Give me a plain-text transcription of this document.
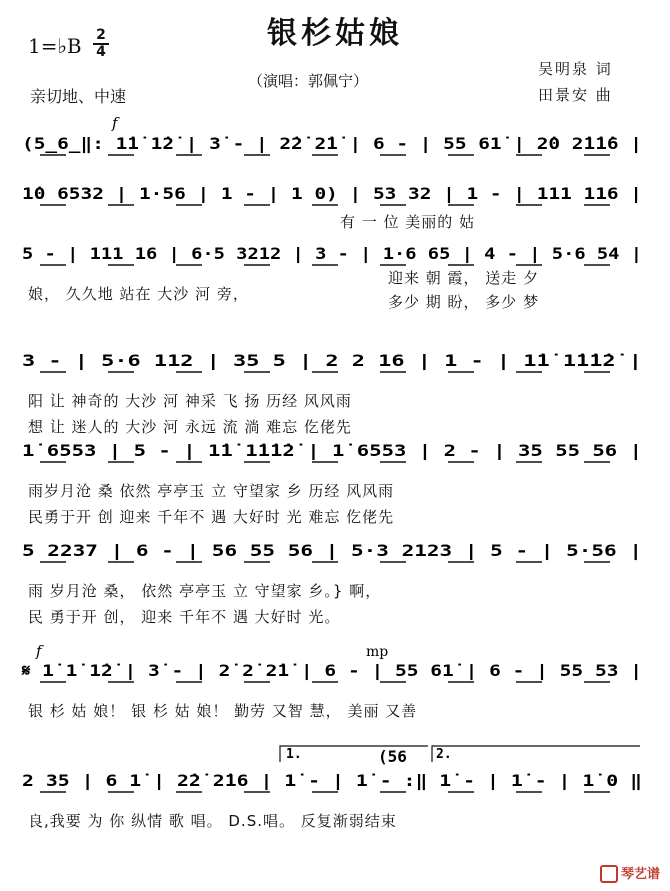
银杉姑娘
1=♭B 2
4
亲切地、中速
（演唱：郭佩宁）
吴明泉 词
田景安 曲
(5̲6̲‖: 1̇1̇ 1̇2̇ | 3̇ - | 2̇2̇ 2̇1̇ | 6 - | 55 61̇ | 2̇0 2̇1̇1̇6 |
1̇0 6532 | 1·56 | 1 - | 1 0) | 53 32 | 1 - | 111 116 |
5 - | 111 16 | 6·5 3212 | 3 - | 1·6 65 | 4 - | 5·6 54 |
3 - | 5·6 112 | 35 5 | 2 2 16 | 1 - | 1̇1̇ 1̇1̇1̇2̇ |
1̇ 6553 | 5 - | 1̇1̇ 1̇1̇1̇2̇ | 1̇ 6553 | 2 - | 35 55 56 |
5 2237 | 6 - | 56 55 56 | 5·3 2123 | 5 - | 5·56 |
𝄋 1̇ 1̇ 1̇2̇ | 3̇ - | 2̇ 2̇ 2̇1̇ | 6 - | 55 61̇ | 6 - | 55 53 |
2 35 | 6 1̇ | 2̇2̇ 2̇16 | 1̇ - | 1̇ - :‖ 1̇ - | 1̇ - | 1̇ 0 ‖
f
f	mp
1.	2.
(56
有 一 位 美丽的 姑
娘， 久久地 站在 大沙 河 旁，
迎来 朝 霞， 送走 夕
多少 期 盼， 多少 梦
阳 让 神奇的 大沙 河 神采 飞 扬 历经 风风雨
想 让 迷人的 大沙 河 永远 流 淌 难忘 仡佬先
雨岁月沧 桑 依然 亭亭玉 立 守望家 乡 历经 风风雨
民勇于开 创 迎来 千年不 遇 大好时 光 难忘 仡佬先
雨 岁月沧 桑， 依然 亭亭玉 立 守望家 乡。} 啊，
民 勇于开 创， 迎来 千年不 遇 大好时 光。
银 杉 姑 娘！ 银 杉 姑 娘！ 勤劳 又智 慧， 美丽 又善
良,我要 为 你 纵情 歌 唱。 D.S.唱。 反复渐弱结束
琴艺谱
